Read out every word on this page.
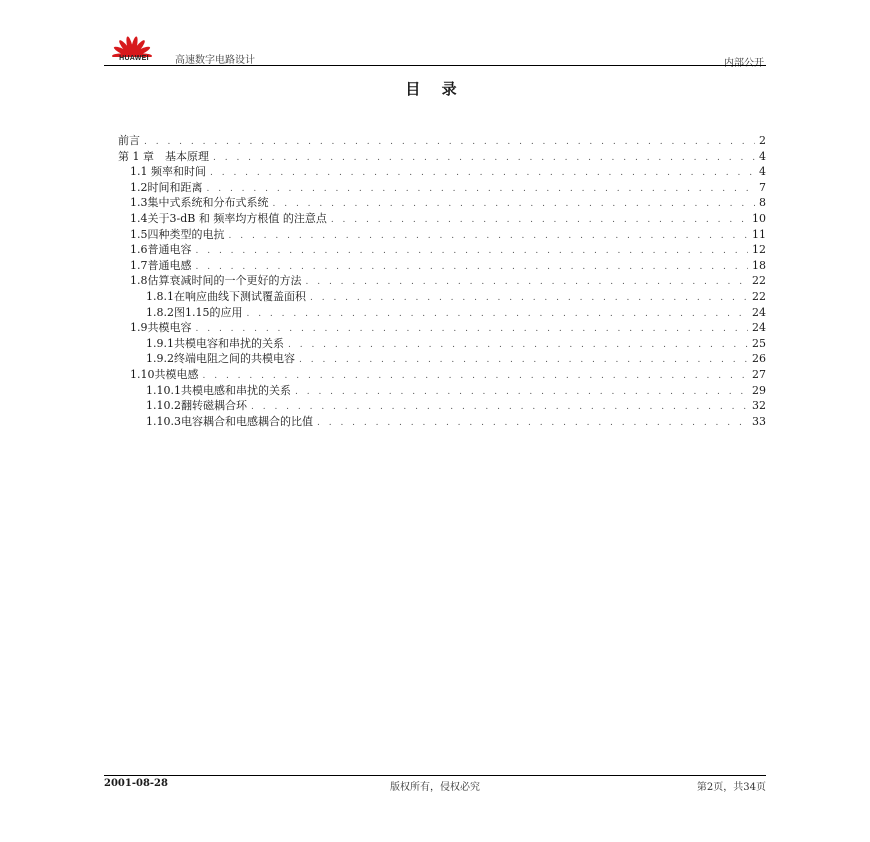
HUAWEI	高速数字电路设计	内部公开
目 录
前言 . . .	2
第 1 章　基本原理 . . .	4
1.1 频率和时间 . . .	4
1.2时间和距离 . . .	7
1.3集中式系统和分布式系统 . . .	8
1.4关于3-dB 和 频率均方根值 的注意点 . . .	10
1.5四种类型的电抗 . . .	11
1.6普通电容 . . .	12
1.7普通电感 . . .	18
1.8估算衰减时间的一个更好的方法 . . .	22
1.8.1在响应曲线下测试覆盖面积 . . .	22
1.8.2图1.15的应用 . . .	24
1.9共模电容 . . .	24
1.9.1共模电容和串扰的关系 . . .	25
1.9.2终端电阻之间的共模电容 . . .	26
1.10共模电感 . . .	27
1.10.1共模电感和串扰的关系 . . .	29
1.10.2翻转磁耦合环 . . .	32
1.10.3电容耦合和电感耦合的比值 . . .	33
2001-08-28	版权所有，侵权必究	第2页，共34页
